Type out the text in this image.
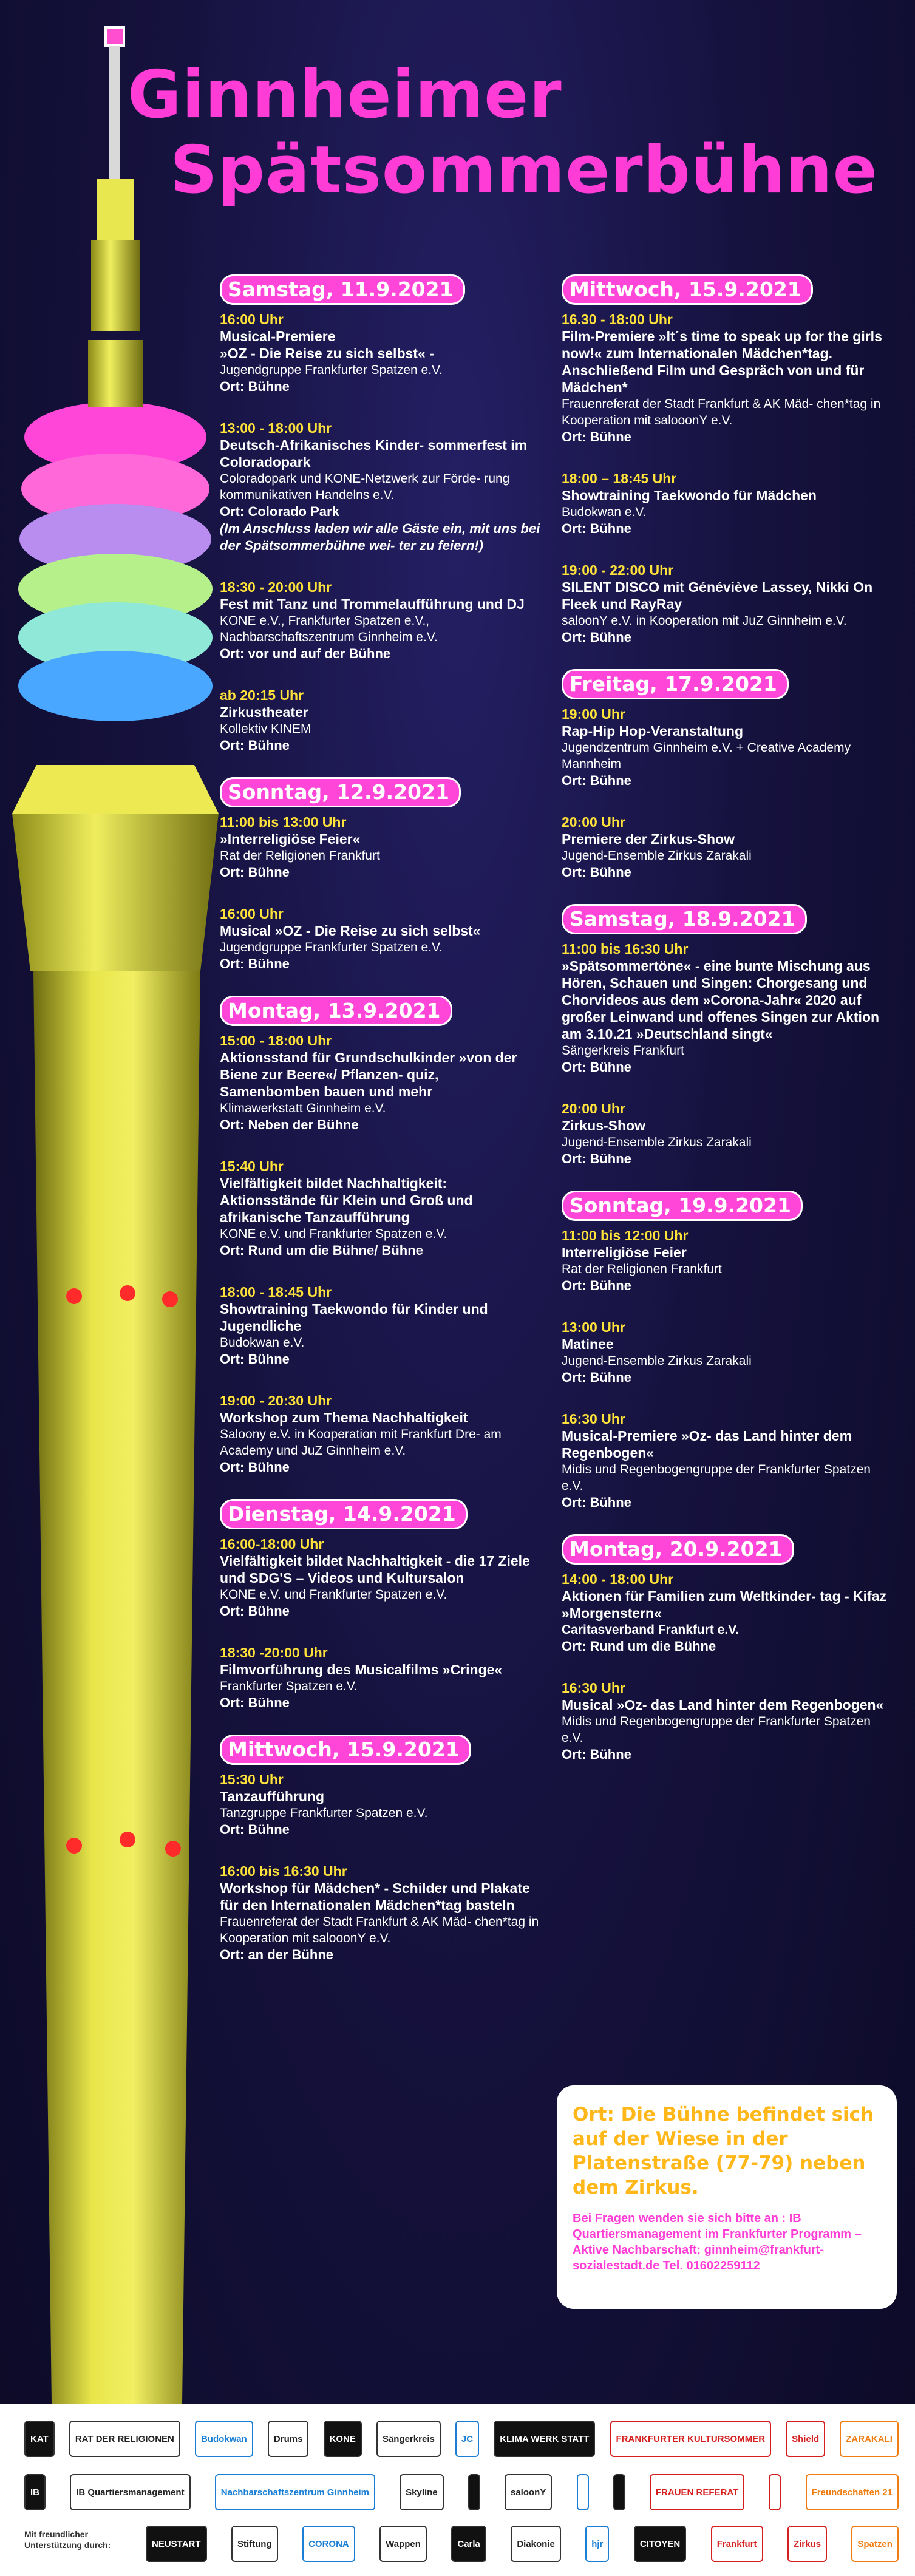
Ginnheimer
Spätsommerbühne
Samstag, 11.9.2021
16:00 Uhr
Musical-Premiere
»OZ - Die Reise zu sich selbst« -
Jugendgruppe Frankfurter Spatzen e.V.
Ort: Bühne
13:00 - 18:00 Uhr
Deutsch-Afrikanisches Kinder- sommerfest im Coloradopark
Coloradopark und KONE-Netzwerk zur Förde- rung kommunikativen Handelns e.V.
Ort: Colorado Park
(Im Anschluss laden wir alle Gäste ein, mit uns bei der Spätsommerbühne wei- ter zu feiern!)
18:30 - 20:00 Uhr
Fest mit Tanz und Trommelaufführung und DJ
KONE e.V., Frankfurter Spatzen e.V., Nachbarschaftszentrum Ginnheim e.V.
Ort: vor und auf der Bühne
ab 20:15 Uhr
Zirkustheater
Kollektiv KINEM
Ort: Bühne
Sonntag, 12.9.2021
11:00 bis 13:00 Uhr
»Interreligiöse Feier«
Rat der Religionen Frankfurt
Ort: Bühne
16:00 Uhr
Musical »OZ - Die Reise zu sich selbst«
Jugendgruppe Frankfurter Spatzen e.V.
Ort: Bühne
Montag, 13.9.2021
15:00 - 18:00 Uhr
Aktionsstand für Grundschulkinder »von der Biene zur Beere«/ Pflanzen- quiz, Samenbomben bauen und mehr
Klimawerkstatt Ginnheim e.V.
Ort: Neben der Bühne
15:40 Uhr
Vielfältigkeit bildet Nachhaltigkeit: Aktionsstände für Klein und Groß und afrikanische Tanzaufführung
KONE e.V. und Frankfurter Spatzen e.V.
Ort: Rund um die Bühne/ Bühne
18:00 - 18:45 Uhr
Showtraining Taekwondo für Kinder und Jugendliche
Budokwan e.V.
Ort: Bühne
19:00 - 20:30 Uhr
Workshop zum Thema Nachhaltigkeit
Saloony e.V. in Kooperation mit Frankfurt Dre- am Academy und JuZ Ginnheim e.V.
Ort: Bühne
Dienstag, 14.9.2021
16:00-18:00 Uhr
Vielfältigkeit bildet Nachhaltigkeit - die 17 Ziele und SDG'S – Videos und Kultursalon
KONE e.V. und Frankfurter Spatzen e.V.
Ort: Bühne
18:30 -20:00 Uhr
Filmvorführung des Musicalfilms »Cringe«
Frankfurter Spatzen e.V.
Ort: Bühne
Mittwoch, 15.9.2021
15:30 Uhr
Tanzaufführung
Tanzgruppe Frankfurter Spatzen e.V.
Ort: Bühne
16:00 bis 16:30 Uhr
Workshop für Mädchen* - Schilder und Plakate für den Internationalen Mädchen*tag basteln
Frauenreferat der Stadt Frankfurt & AK Mäd- chen*tag in Kooperation mit salooonY e.V.
Ort: an der Bühne
Mittwoch, 15.9.2021
16.30 - 18:00 Uhr
Film-Premiere »It´s time to speak up for the girls now!« zum Internationalen Mädchen*tag. Anschließend Film und Gespräch von und für Mädchen*
Frauenreferat der Stadt Frankfurt & AK Mäd- chen*tag in Kooperation mit salooonY e.V.
Ort: Bühne
18:00 – 18:45 Uhr
Showtraining Taekwondo für Mädchen
Budokwan e.V.
Ort: Bühne
19:00 - 22:00 Uhr
SILENT DISCO mit Généviève Lassey, Nikki On Fleek und RayRay
saloonY e.V. in Kooperation mit JuZ Ginnheim e.V.
Ort: Bühne
Freitag, 17.9.2021
19:00 Uhr
Rap-Hip Hop-Veranstaltung
Jugendzentrum Ginnheim e.V. + Creative Academy Mannheim
Ort: Bühne
20:00 Uhr
Premiere der Zirkus-Show
Jugend-Ensemble Zirkus Zarakali
Ort: Bühne
Samstag, 18.9.2021
11:00 bis 16:30 Uhr
»Spätsommertöne« - eine bunte Mischung aus Hören, Schauen und Singen: Chorgesang und Chorvideos aus dem »Corona-Jahr« 2020 auf großer Leinwand und offenes Singen zur Aktion am 3.10.21 »Deutschland singt«
Sängerkreis Frankfurt
Ort: Bühne
20:00 Uhr
Zirkus-Show
Jugend-Ensemble Zirkus Zarakali
Ort: Bühne
Sonntag, 19.9.2021
11:00 bis 12:00 Uhr
Interreligiöse Feier
Rat der Religionen Frankfurt
Ort: Bühne
13:00 Uhr
Matinee
Jugend-Ensemble Zirkus Zarakali
Ort: Bühne
16:30 Uhr
Musical-Premiere »Oz- das Land hinter dem Regenbogen«
Midis und Regenbogengruppe der Frankfurter Spatzen e.V.
Ort: Bühne
Montag, 20.9.2021
14:00 - 18:00 Uhr
Aktionen für Familien zum Weltkinder- tag - Kifaz »Morgenstern«
Caritasverband Frankfurt e.V.
Ort: Rund um die Bühne
16:30 Uhr
Musical »Oz- das Land hinter dem Regenbogen«
Midis und Regenbogengruppe der Frankfurter Spatzen e.V.
Ort: Bühne

Ort: Die Bühne befindet sich auf der Wiese in der Platenstraße (77-79) neben dem Zirkus.

Bei Fragen wenden sie sich bitte an : IB Quartiersmanagement im Frankfurter Programm – Aktive Nachbarschaft: ginnheim@frankfurt-sozialestadt.de Tel. 01602259112

KAT	RAT DER RELIGIONEN	Budokwan	Drums	KONE	Sängerkreis	JC	KLIMA WERK STATT	FRANKFURTER KULTURSOMMER	Shield	ZARAKALI
IB	IB Quartiersmanagement	Nachbarschaftszentrum Ginnheim	Skyline	saloonY	FRAUEN REFERAT	Freundschaften 21

Mit freundlicher Unterstützung durch:	NEUSTART	Stiftung	CORONA	Wappen	Carla	Diakonie	hjr	CITOYEN	Frankfurt	Zirkus	Spatzen
